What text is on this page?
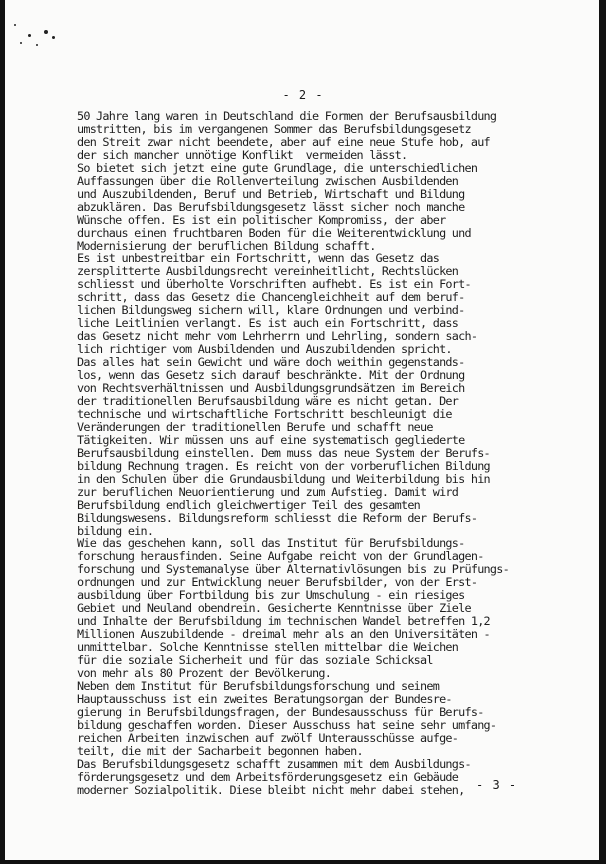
- 2 -
50 Jahre lang waren in Deutschland die Formen der Berufsausbildung
umstritten, bis im vergangenen Sommer das Berufsbildungsgesetz
den Streit zwar nicht beendete, aber auf eine neue Stufe hob, auf
der sich mancher unnötige Konflikt  vermeiden lässt.
So bietet sich jetzt eine gute Grundlage, die unterschiedlichen
Auffassungen über die Rollenverteilung zwischen Ausbildenden
und Auszubildenden, Beruf und Betrieb, Wirtschaft und Bildung
abzuklären. Das Berufsbildungsgesetz lässt sicher noch manche
Wünsche offen. Es ist ein politischer Kompromiss, der aber
durchaus einen fruchtbaren Boden für die Weiterentwicklung und
Modernisierung der beruflichen Bildung schafft.
Es ist unbestreitbar ein Fortschritt, wenn das Gesetz das
zersplitterte Ausbildungsrecht vereinheitlicht, Rechtslücken
schliesst und überholte Vorschriften aufhebt. Es ist ein Fort-
schritt, dass das Gesetz die Chancengleichheit auf dem beruf-
lichen Bildungsweg sichern will, klare Ordnungen und verbind-
liche Leitlinien verlangt. Es ist auch ein Fortschritt, dass
das Gesetz nicht mehr vom Lehrherrn und Lehrling, sondern sach-
lich richtiger vom Ausbildenden und Auszubildenden spricht.
Das alles hat sein Gewicht und wäre doch weithin gegenstands-
los, wenn das Gesetz sich darauf beschränkte. Mit der Ordnung
von Rechtsverhältnissen und Ausbildungsgrundsätzen im Bereich
der traditionellen Berufsausbildung wäre es nicht getan. Der
technische und wirtschaftliche Fortschritt beschleunigt die
Veränderungen der traditionellen Berufe und schafft neue
Tätigkeiten. Wir müssen uns auf eine systematisch gegliederte
Berufsausbildung einstellen. Dem muss das neue System der Berufs-
bildung Rechnung tragen. Es reicht von der vorberuflichen Bildung
in den Schulen über die Grundausbildung und Weiterbildung bis hin
zur beruflichen Neuorientierung und zum Aufstieg. Damit wird
Berufsbildung endlich gleichwertiger Teil des gesamten
Bildungswesens. Bildungsreform schliesst die Reform der Berufs-
bildung ein.
Wie das geschehen kann, soll das Institut für Berufsbildungs-
forschung herausfinden. Seine Aufgabe reicht von der Grundlagen-
forschung und Systemanalyse über Alternativlösungen bis zu Prüfungs-
ordnungen und zur Entwicklung neuer Berufsbilder, von der Erst-
ausbildung über Fortbildung bis zur Umschulung - ein riesiges
Gebiet und Neuland obendrein. Gesicherte Kenntnisse über Ziele
und Inhalte der Berufsbildung im technischen Wandel betreffen 1,2
Millionen Auszubildende - dreimal mehr als an den Universitäten -
unmittelbar. Solche Kenntnisse stellen mittelbar die Weichen
für die soziale Sicherheit und für das soziale Schicksal
von mehr als 80 Prozent der Bevölkerung.
Neben dem Institut für Berufsbildungsforschung und seinem
Hauptausschuss ist ein zweites Beratungsorgan der Bundesre-
gierung in Berufsbildungsfragen, der Bundesausschuss für Berufs-
bildung geschaffen worden. Dieser Ausschuss hat seine sehr umfang-
reichen Arbeiten inzwischen auf zwölf Unterausschüsse aufge-
teilt, die mit der Sacharbeit begonnen haben.
Das Berufsbildungsgesetz schafft zusammen mit dem Ausbildungs-
förderungsgesetz und dem Arbeitsförderungsgesetz ein Gebäude
moderner Sozialpolitik. Diese bleibt nicht mehr dabei stehen, - 3 -
